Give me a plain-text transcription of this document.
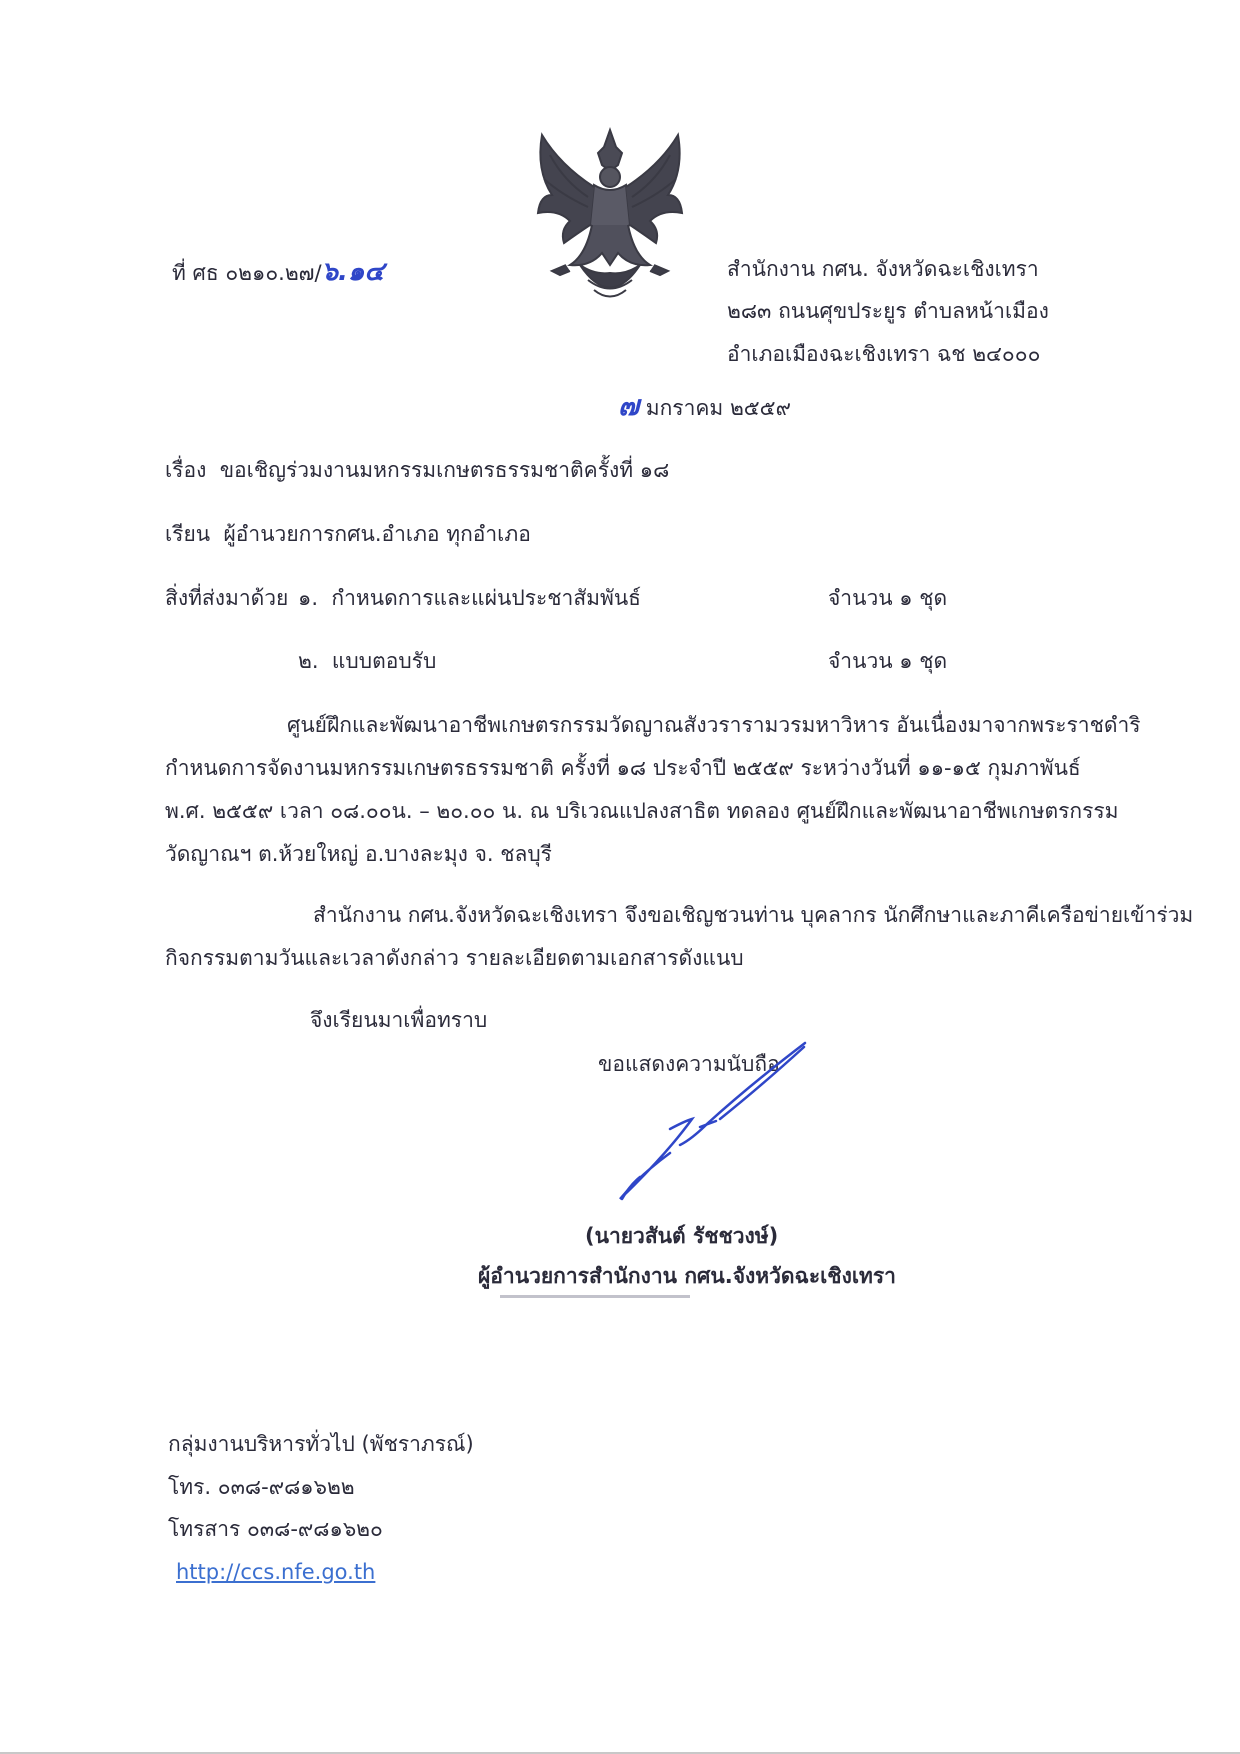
ที่ ศธ ๐๒๑๐.๒๗/๖.๑๔	สำนักงาน กศน. จังหวัดฉะเชิงเทรา
๒๘๓ ถนนศุขประยูร ตำบลหน้าเมือง
อำเภอเมืองฉะเชิงเทรา ฉช ๒๔๐๐๐
๗ มกราคม ๒๕๕๙
เรื่อง ขอเชิญร่วมงานมหกรรมเกษตรธรรมชาติครั้งที่ ๑๘
เรียน ผู้อำนวยการกศน.อำเภอ ทุกอำเภอ
สิ่งที่ส่งมาด้วย ๑. กำหนดการและแผ่นประชาสัมพันธ์	จำนวน ๑ ชุด
๒. แบบตอบรับ	จำนวน ๑ ชุด
ศูนย์ฝึกและพัฒนาอาชีพเกษตรกรรมวัดญาณสังวรารามวรมหาวิหาร อันเนื่องมาจากพระราชดำริ
กำหนดการจัดงานมหกรรมเกษตรธรรมชาติ ครั้งที่ ๑๘ ประจำปี ๒๕๕๙ ระหว่างวันที่ ๑๑-๑๕ กุมภาพันธ์
พ.ศ. ๒๕๕๙ เวลา ๐๘.๐๐น. – ๒๐.๐๐ น. ณ บริเวณแปลงสาธิต ทดลอง ศูนย์ฝึกและพัฒนาอาชีพเกษตรกรรม
วัดญาณฯ ต.ห้วยใหญ่ อ.บางละมุง จ. ชลบุรี
สำนักงาน กศน.จังหวัดฉะเชิงเทรา จึงขอเชิญชวนท่าน บุคลากร นักศึกษาและภาคีเครือข่ายเข้าร่วม
กิจกรรมตามวันและเวลาดังกล่าว รายละเอียดตามเอกสารดังแนบ
จึงเรียนมาเพื่อทราบ
ขอแสดงความนับถือ
(นายวสันต์ รัชชวงษ์)
ผู้อำนวยการสำนักงาน กศน.จังหวัดฉะเชิงเทรา
กลุ่มงานบริหารทั่วไป (พัชราภรณ์)
โทร. ๐๓๘-๙๘๑๖๒๒
โทรสาร ๐๓๘-๙๘๑๖๒๐
http://ccs.nfe.go.th
